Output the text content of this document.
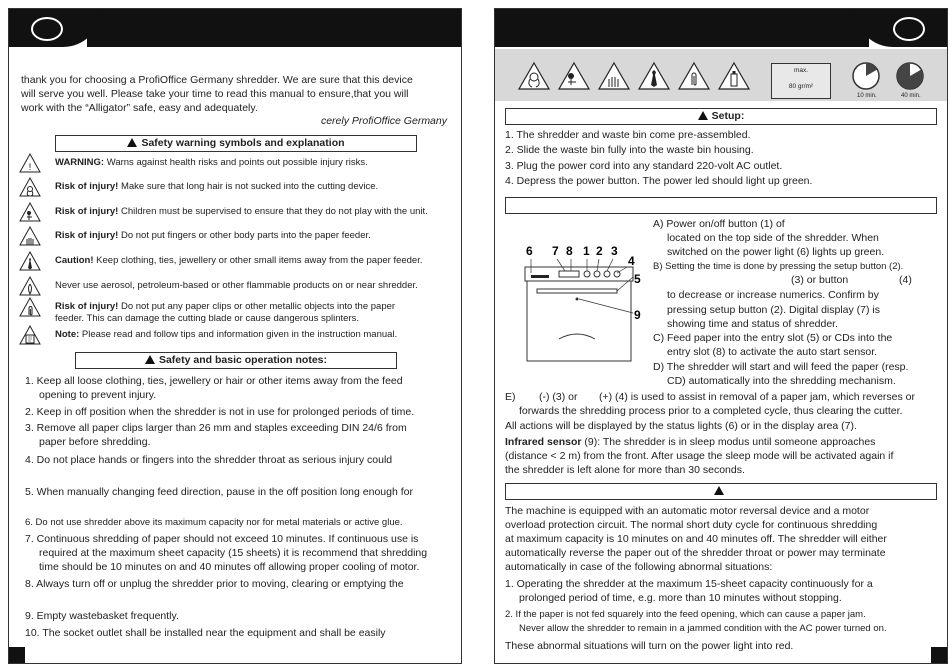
thank you for choosing a ProfiOffice Germany shredder. We are sure that this device
will serve you well. Please take your time to read this manual to ensure,that you will
work with the “Alligator” safe, easy and adequately.
cerely ProfiOffice Germany
Safety warning symbols and explanation
! WARNING: Warns against health risks and points out possible injury risks.
Risk of injury! Make sure that long hair is not sucked into the cutting device.
Risk of injury! Children must be supervised to ensure that they do not play with the unit.
Risk of injury! Do not put fingers or other body parts into the paper feeder.
Caution! Keep clothing, ties, jewellery or other small items away from the paper feeder.
Never use aerosol, petroleum-based or other flammable products on or near shredder.
Risk of injury! Do not put any paper clips or other metallic objects into the paper
feeder. This can damage the cutting blade or cause dangerous splinters.
Note: Please read and follow tips and information given in the instruction manual.
Safety and basic operation notes:
1. Keep all loose clothing, ties, jewellery or hair or other items away from the feed
opening to prevent injury.
2. Keep in off position when the shredder is not in use for prolonged periods of time.
3. Remove all paper clips larger than 26 mm and staples exceeding DIN 24/6 from
paper before shredding.
4. Do not place hands or fingers into the shredder throat as serious injury could
5. When manually changing feed direction, pause in the off position long enough for
6. Do not use shredder above its maximum capacity nor for metal materials or active glue.
7. Continuous shredding of paper should not exceed 10 minutes. If continuous use is
required at the maximum sheet capacity (15 sheets) it is recommend that shredding
time should be 10 minutes on and 40 minutes off allowing proper cooling of motor.
8. Always turn off or unplug the shredder prior to moving, clearing or emptying the
9. Empty wastebasket frequently.
10. The socket outlet shall be installed near the equipment and shall be easily
max.
80 gr/m²
10 min.	40 min.
Setup:
1. The shredder and waste bin come pre-assembled.
2. Slide the waste bin fully into the waste bin housing.
3. Plug the power cord into any standard 220-volt AC outlet.
4. Depress the power button. The power led should light up green.
6 7 8 1 2 3
4
5
9
A) Power on/off button (1) of
located on the top side of the shredder. When
switched on the power light (6) lights up green.
B) Setting the time is done by pressing the setup button (2).
(3) or button	(4)
to decrease or increase numerics. Confirm by
pressing setup button (2). Digital display (7) is
showing time and status of shredder.
C) Feed paper into the entry slot (5) or CDs into the
entry slot (8) to activate the auto start sensor.
D) The shredder will start and will feed the paper (resp.
CD) automatically into the shredding mechanism.
E) (-) (3) or (+) (4) is used to assist in removal of a paper jam, which reverses or
forwards the shredding process prior to a completed cycle, thus clearing the cutter.
All actions will be displayed by the status lights (6) or in the display area (7).
Infrared sensor (9): The shredder is in sleep modus until someone approaches
(distance < 2 m) from the front. After usage the sleep mode will be activated again if
the shredder is left alone for more than 30 seconds.
The machine is equipped with an automatic motor reversal device and a motor
overload protection circuit. The normal short duty cycle for continuous shredding
at maximum capacity is 10 minutes on and 40 minutes off. The shredder will either
automatically reverse the paper out of the shredder throat or power may terminate
automatically in case of the following abnormal situations:
1. Operating the shredder at the maximum 15-sheet capacity continuously for a
prolonged period of time, e.g. more than 10 minutes without stopping.
2. If the paper is not fed squarely into the feed opening, which can cause a paper jam.
Never allow the shredder to remain in a jammed condition with the AC power turned on.
These abnormal situations will turn on the power light into red.
